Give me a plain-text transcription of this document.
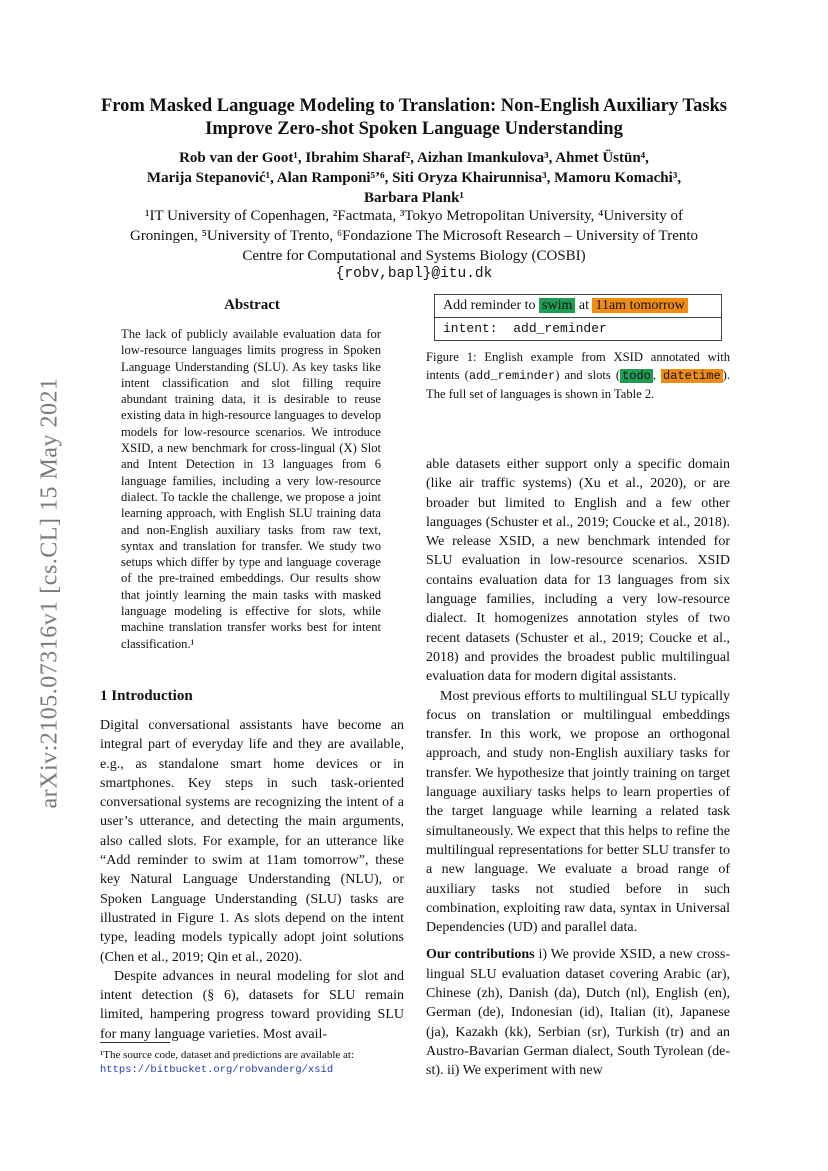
arXiv:2105.07316v1 [cs.CL] 15 May 2021
From Masked Language Modeling to Translation: Non-English Auxiliary Tasks Improve Zero-shot Spoken Language Understanding
Rob van der Goot¹, Ibrahim Sharaf², Aizhan Imankulova³, Ahmet Üstün⁴,
Marija Stepanović¹, Alan Ramponi⁵ʼ⁶, Siti Oryza Khairunnisa³, Mamoru Komachi³,
Barbara Plank¹
¹IT University of Copenhagen, ²Factmata, ³Tokyo Metropolitan University, ⁴University of
Groningen, ⁵University of Trento, ⁶Fondazione The Microsoft Research – University of Trento
Centre for Computational and Systems Biology (COSBI)
{robv,bapl}@itu.dk
Abstract
The lack of publicly available evaluation data for low-resource languages limits progress in Spoken Language Understanding (SLU). As key tasks like intent classification and slot filling require abundant training data, it is desirable to reuse existing data in high-resource languages to develop models for low-resource scenarios. We introduce XSID, a new benchmark for cross-lingual (X) Slot and Intent Detection in 13 languages from 6 language families, including a very low-resource dialect. To tackle the challenge, we propose a joint learning approach, with English SLU training data and non-English auxiliary tasks from raw text, syntax and translation for transfer. We study two setups which differ by type and language coverage of the pre-trained embeddings. Our results show that jointly learning the main tasks with masked language modeling is effective for slots, while machine translation transfer works best for intent classification.¹
Add reminder to swim at 11am tomorrow
intent: add_reminder
Figure 1: English example from XSID annotated with intents (add_reminder) and slots ( todo , datetime ). The full set of languages is shown in Table 2.
1 Introduction

Digital conversational assistants have become an integral part of everyday life and they are available, e.g., as standalone smart home devices or in smartphones. Key steps in such task-oriented conversational systems are recognizing the intent of a user’s utterance, and detecting the main arguments, also called slots. For example, for an utterance like “Add reminder to swim at 11am tomorrow”, these key Natural Language Understanding (NLU), or Spoken Language Understanding (SLU) tasks are illustrated in Figure 1. As slots depend on the intent type, leading models typically adopt joint solutions (Chen et al., 2019; Qin et al., 2020).

Despite advances in neural modeling for slot and intent detection (§ 6), datasets for SLU remain limited, hampering progress toward providing SLU for many language varieties. Most avail-

able datasets either support only a specific domain (like air traffic systems) (Xu et al., 2020), or are broader but limited to English and a few other languages (Schuster et al., 2019; Coucke et al., 2018). We release XSID, a new benchmark intended for SLU evaluation in low-resource scenarios. XSID contains evaluation data for 13 languages from six language families, including a very low-resource dialect. It homogenizes annotation styles of two recent datasets (Schuster et al., 2019; Coucke et al., 2018) and provides the broadest public multilingual evaluation data for modern digital assistants.

Most previous efforts to multilingual SLU typically focus on translation or multilingual embeddings transfer. In this work, we propose an orthogonal approach, and study non-English auxiliary tasks for transfer. We hypothesize that jointly training on target language auxiliary tasks helps to learn properties of the target language while learning a related task simultaneously. We expect that this helps to refine the multilingual representations for better SLU transfer to a new language. We evaluate a broad range of auxiliary tasks not studied before in such combination, exploiting raw data, syntax in Universal Dependencies (UD) and parallel data.

Our contributions i) We provide XSID, a new cross-lingual SLU evaluation dataset covering Arabic (ar), Chinese (zh), Danish (da), Dutch (nl), English (en), German (de), Indonesian (id), Italian (it), Japanese (ja), Kazakh (kk), Serbian (sr), Turkish (tr) and an Austro-Bavarian German dialect, South Tyrolean (de-st). ii) We experiment with new

¹The source code, dataset and predictions are available at:
https://bitbucket.org/robvanderg/xsid
